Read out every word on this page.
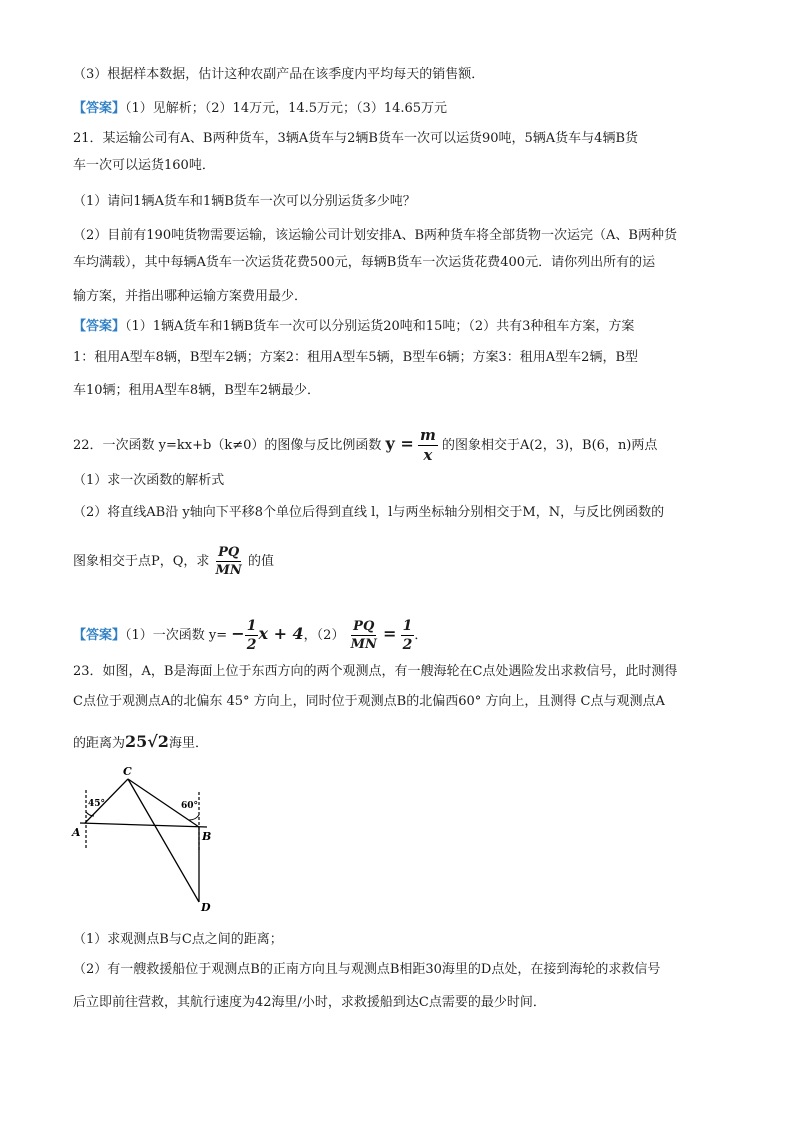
（3）根据样本数据，估计这种农副产品在该季度内平均每天的销售额．
【答案】（1）见解析；（2）14万元，14.5万元；（3）14.65万元
21．某运输公司有A、B两种货车，3辆A货车与2辆B货车一次可以运货90吨，5辆A货车与4辆B货
车一次可以运货160吨．
（1）请问1辆A货车和1辆B货车一次可以分别运货多少吨？
（2）目前有190吨货物需要运输，该运输公司计划安排A、B两种货车将全部货物一次运完（A、B两种货
车均满载），其中每辆A货车一次运货花费500元，每辆B货车一次运货花费400元．请你列出所有的运
输方案，并指出哪种运输方案费用最少．
【答案】（1）1辆A货车和1辆B货车一次可以分别运货20吨和15吨；（2）共有3种租车方案，方案
1：租用A型车8辆，B型车2辆；方案2：租用A型车5辆，B型车6辆；方案3：租用A型车2辆，B型
车10辆；租用A型车8辆，B型车2辆最少．
22．一次函数 y=kx+b（k≠0）的图像与反比例函数 $y = \frac{m}{x}$ 的图象相交于A(2，3)，B(6，n)两点
（1）求一次函数的解析式
（2）将直线AB沿 y轴向下平移8个单位后得到直线 l，l与两坐标轴分别相交于M，N，与反比例函数的
图象相交于点P，Q，求 $\frac{PQ}{MN}$ 的值
【答案】（1）一次函数 $y= - \frac{1}{2}$ x + 4，$(2) \frac{PQ}{MN} = \frac{1}{2}$ ．
23．如图，A，B是海面上位于东西方向的两个观测点，有一艘海轮在C点处遇险发出求救信号，此时测得
C点位于观测点A的北偏东 45° 方向上，同时位于观测点B的北偏西60° 方向上，且测得 C点与观测点A
的距离为25√2海里．
C
A	B
D
45°	60°
（1）求观测点B与C点之间的距离；
（2）有一艘救援船位于观测点B的正南方向且与观测点B相距30海里的D点处，在接到海轮的求救信号
后立即前往营救，其航行速度为42海里/小时，求救援船到达C点需要的最少时间．
